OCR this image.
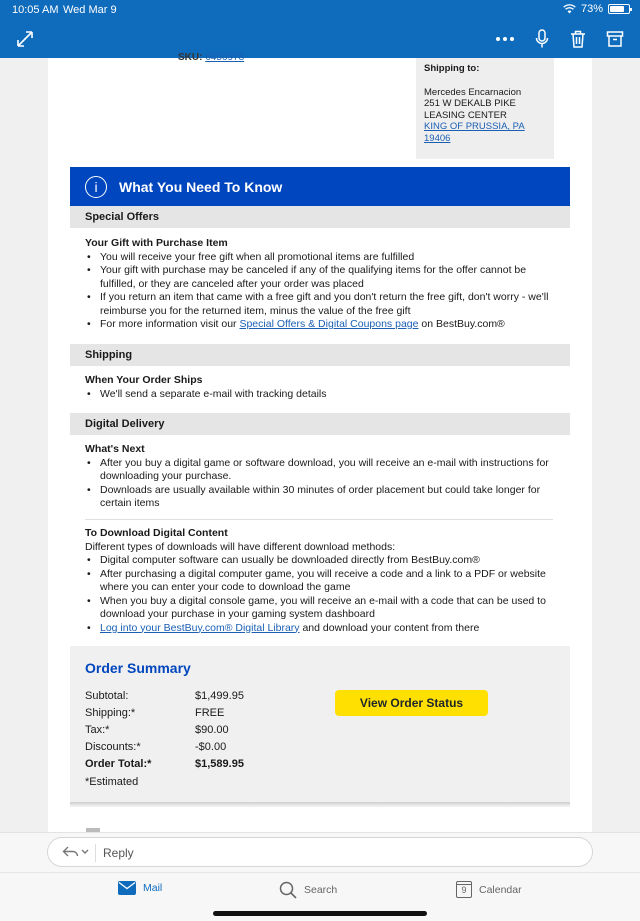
10:05 AM Wed Mar 9	73%
SKU: 6456978
Shipping to:
Mercedes Encarnacion
251 W DEKALB PIKE
LEASING CENTER
KING OF PRUSSIA, PA
19406
i	What You Need To Know
Special Offers
Your Gift with Purchase Item
• You will receive your free gift when all promotional items are fulfilled
• Your gift with purchase may be canceled if any of the qualifying items for the offer cannot be fulfilled, or they are canceled after your order was placed
• If you return an item that came with a free gift and you don't return the free gift, don't worry - we'll reimburse you for the returned item, minus the value of the free gift
• For more information visit our Special Offers & Digital Coupons page on BestBuy.com®
Shipping
When Your Order Ships
• We'll send a separate e-mail with tracking details
Digital Delivery
What's Next
• After you buy a digital game or software download, you will receive an e-mail with instructions for downloading your purchase.
• Downloads are usually available within 30 minutes of order placement but could take longer for certain items
To Download Digital Content
Different types of downloads will have different download methods:
• Digital computer software can usually be downloaded directly from BestBuy.com®
• After purchasing a digital computer game, you will receive a code and a link to a PDF or website where you can enter your code to download the game
• When you buy a digital console game, you will receive an e-mail with a code that can be used to download your purchase in your gaming system dashboard
• Log into your BestBuy.com® Digital Library and download your content from there
Order Summary
Subtotal:	$1,499.95
Shipping:*	FREE
Tax:*	$90.00
Discounts:*	-$0.00
Order Total:*	$1,589.95
*Estimated
View Order Status
Reply
Mail	Search	9	Calendar
